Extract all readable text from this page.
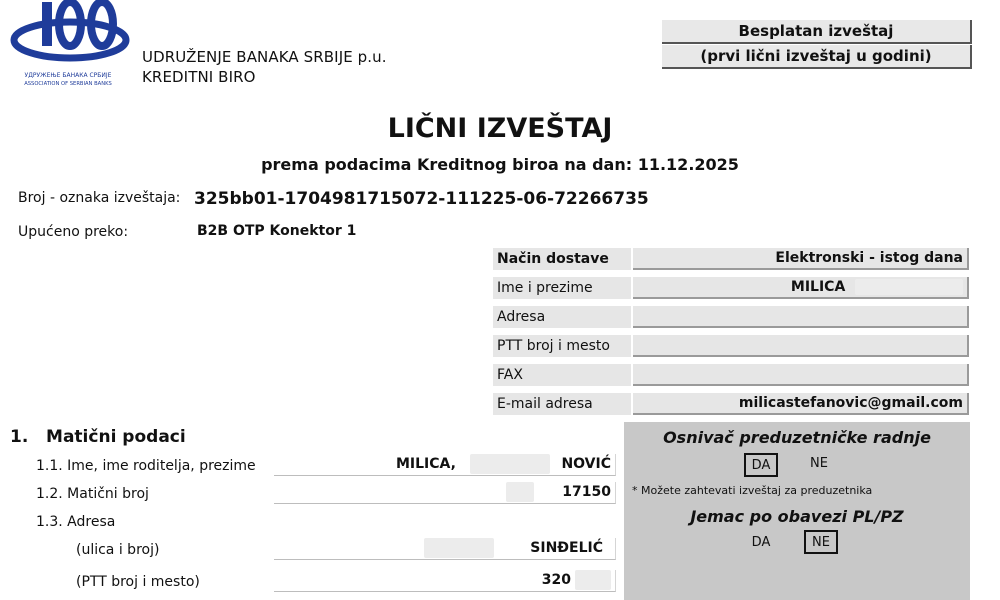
УДРУЖЕЊЕ БАНАКА СРБИЈЕ
ASSOCIATION OF SERBIAN BANKS
UDRUŽENJE BANAKA SRBIJE p.u.
KREDITNI BIRO
Besplatan izveštaj
(prvi lični izveštaj u godini)
LIČNI IZVEŠTAJ
prema podacima Kreditnog biroa na dan: 11.12.2025
Broj - oznaka izveštaja: 325bb01-1704981715072-111225-06-72266735
Upućeno preko:	B2B OTP Konektor 1
Način dostave	Elektronski - istog dana
Ime i prezime	MILICA XXXXXXXXXX
Adresa
PTT broj i mesto
FAX
E-mail adresa	milicastefanovic@gmail.com
1.   Matični podaci
1.1. Ime, ime roditelja, prezime	MILICA, XXXXXX	NOVIĆ
1.2. Matični broj	XX	17150
1.3. Adresa
(ulica i broj)	XXXXX	SINĐELIĆ
(PTT broj i mesto)	320 XX
Osnivač preduzetničke radnje
DA	NE
* Možete zahtevati izveštaj za preduzetnika
Jemac po obavezi PL/PZ
DA	NE
